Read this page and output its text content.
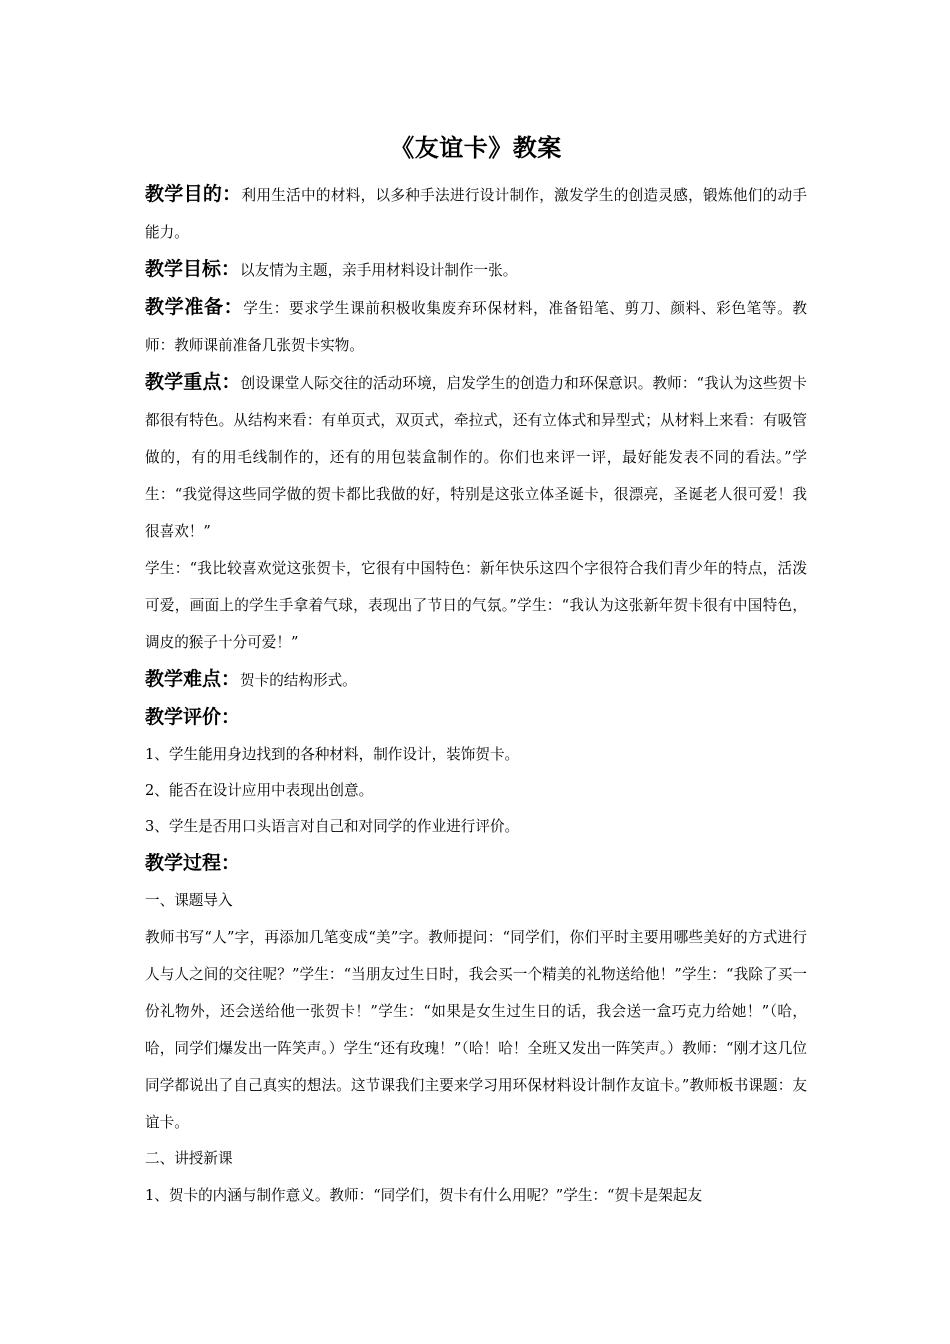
《友谊卡》教案

教学目的：利用生活中的材料，以多种手法进行设计制作，激发学生的创造灵感，锻炼他们的动手能力。

教学目标：以友情为主题，亲手用材料设计制作一张。

教学准备：学生：要求学生课前积极收集废弃环保材料，准备铅笔、剪刀、颜料、彩色笔等。教师：教师课前准备几张贺卡实物。

教学重点：创设课堂人际交往的活动环境，启发学生的创造力和环保意识。教师：“我认为这些贺卡都很有特色。从结构来看：有单页式，双页式，牵拉式，还有立体式和异型式；从材料上来看：有吸管做的，有的用毛线制作的，还有的用包装盒制作的。你们也来评一评，最好能发表不同的看法。”学生：“我觉得这些同学做的贺卡都比我做的好，特别是这张立体圣诞卡，很漂亮，圣诞老人很可爱！我很喜欢！”

学生：“我比较喜欢觉这张贺卡，它很有中国特色：新年快乐这四个字很符合我们青少年的特点，活泼可爱，画面上的学生手拿着气球，表现出了节日的气氛。”学生：“我认为这张新年贺卡很有中国特色，调皮的猴子十分可爱！”

教学难点：贺卡的结构形式。

教学评价：

1、学生能用身边找到的各种材料，制作设计，装饰贺卡。

2、能否在设计应用中表现出创意。

3、学生是否用口头语言对自己和对同学的作业进行评价。

教学过程：

一、课题导入

教师书写“人”字，再添加几笔变成“美”字。教师提问：“同学们，你们平时主要用哪些美好的方式进行人与人之间的交往呢？”学生：“当朋友过生日时，我会买一个精美的礼物送给他！”学生：“我除了买一份礼物外，还会送给他一张贺卡！”学生：“如果是女生过生日的话，我会送一盒巧克力给她！”（哈，哈，同学们爆发出一阵笑声。）学生“还有玫瑰！”（哈！哈！全班又发出一阵笑声。）教师：“刚才这几位同学都说出了自己真实的想法。这节课我们主要来学习用环保材料设计制作友谊卡。”教师板书课题：友谊卡。

二、讲授新课

1、贺卡的内涵与制作意义。教师：“同学们，贺卡有什么用呢？”学生：“贺卡是架起友
